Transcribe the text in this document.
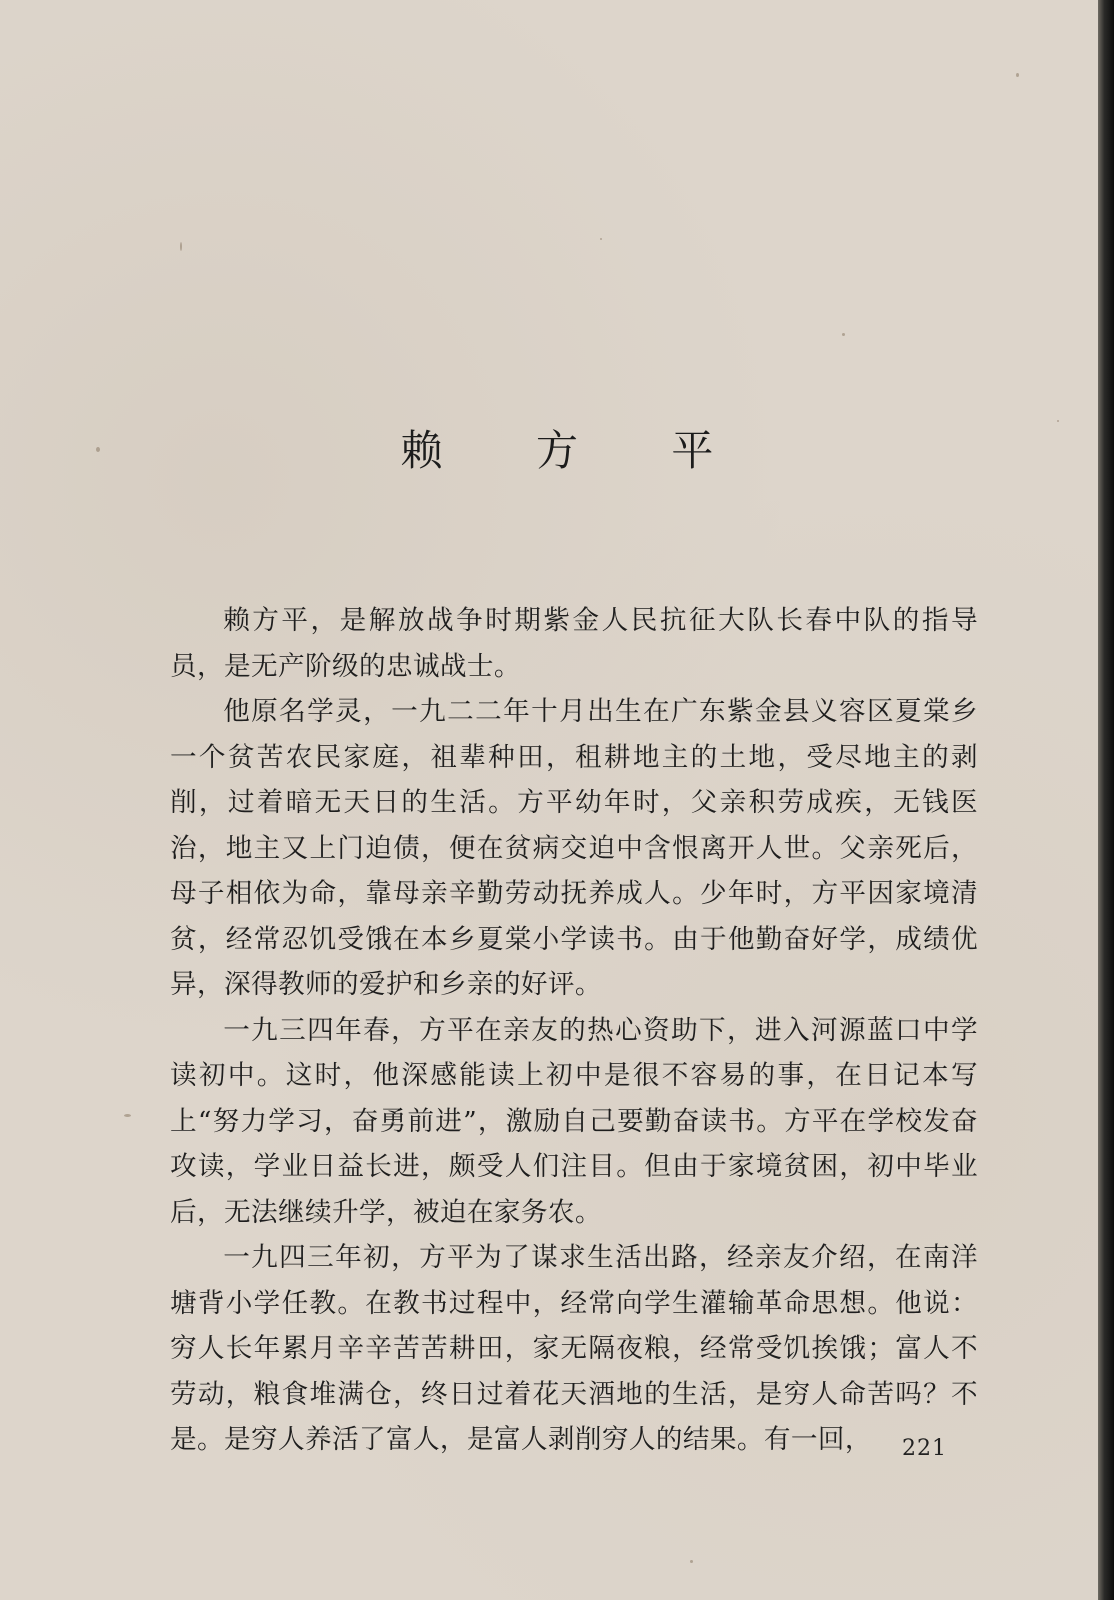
赖 方 平

赖方平，是解放战争时期紫金人民抗征大队长春中队的指导员，是无产阶级的忠诚战士。

他原名学灵，一九二二年十月出生在广东紫金县义容区夏棠乡一个贫苦农民家庭，祖辈种田，租耕地主的土地，受尽地主的剥削，过着暗无天日的生活。方平幼年时，父亲积劳成疾，无钱医治，地主又上门迫债，便在贫病交迫中含恨离开人世。父亲死后，母子相依为命，靠母亲辛勤劳动抚养成人。少年时，方平因家境清贫，经常忍饥受饿在本乡夏棠小学读书。由于他勤奋好学，成绩优异，深得教师的爱护和乡亲的好评。

一九三四年春，方平在亲友的热心资助下，进入河源蓝口中学读初中。这时，他深感能读上初中是很不容易的事，在日记本写上“努力学习，奋勇前进”，激励自己要勤奋读书。方平在学校发奋攻读，学业日益长进，颇受人们注目。但由于家境贫困，初中毕业后，无法继续升学，被迫在家务农。

一九四三年初，方平为了谋求生活出路，经亲友介绍，在南洋塘背小学任教。在教书过程中，经常向学生灌输革命思想。他说：穷人长年累月辛辛苦苦耕田，家无隔夜粮，经常受饥挨饿；富人不劳动，粮食堆满仓，终日过着花天酒地的生活，是穷人命苦吗？不是。是穷人养活了富人，是富人剥削穷人的结果。有一回，	221
